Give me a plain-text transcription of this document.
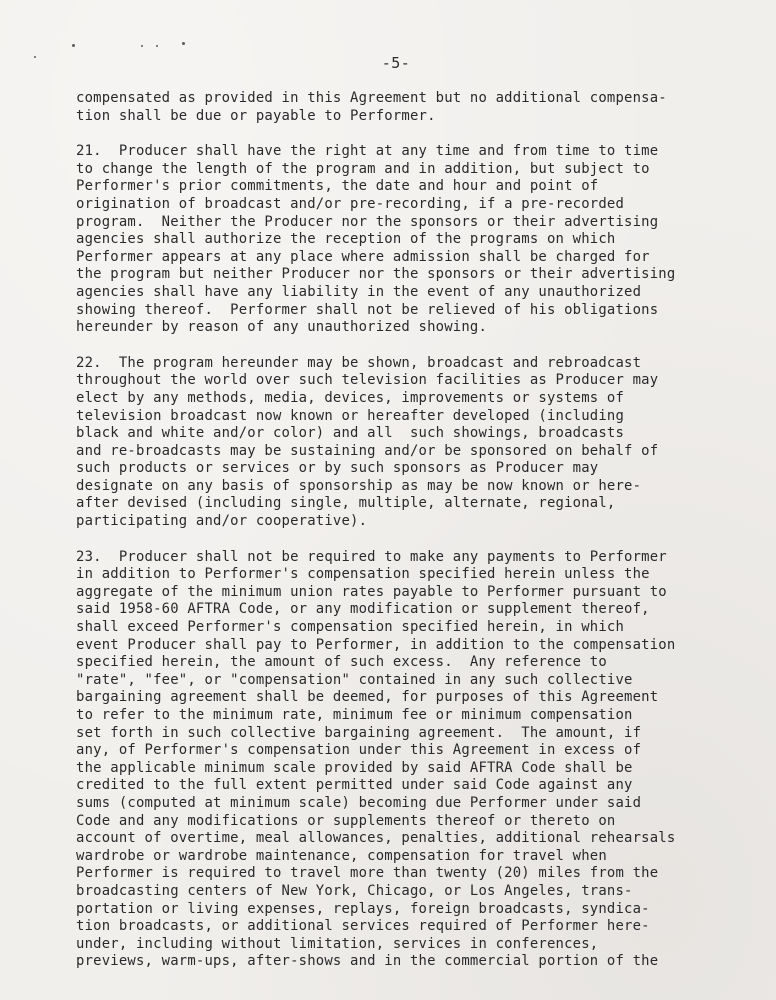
-5-
compensated as provided in this Agreement but no additional compensa-
tion shall be due or payable to Performer.
21.  Producer shall have the right at any time and from time to time
to change the length of the program and in addition, but subject to
Performer's prior commitments, the date and hour and point of
origination of broadcast and/or pre-recording, if a pre-recorded
program.  Neither the Producer nor the sponsors or their advertising
agencies shall authorize the reception of the programs on which
Performer appears at any place where admission shall be charged for
the program but neither Producer nor the sponsors or their advertising
agencies shall have any liability in the event of any unauthorized
showing thereof.  Performer shall not be relieved of his obligations
hereunder by reason of any unauthorized showing.
22.  The program hereunder may be shown, broadcast and rebroadcast
throughout the world over such television facilities as Producer may
elect by any methods, media, devices, improvements or systems of
television broadcast now known or hereafter developed (including
black and white and/or color) and all  such showings, broadcasts
and re-broadcasts may be sustaining and/or be sponsored on behalf of
such products or services or by such sponsors as Producer may
designate on any basis of sponsorship as may be now known or here-
after devised (including single, multiple, alternate, regional,
participating and/or cooperative).
23.  Producer shall not be required to make any payments to Performer
in addition to Performer's compensation specified herein unless the
aggregate of the minimum union rates payable to Performer pursuant to
said 1958-60 AFTRA Code, or any modification or supplement thereof,
shall exceed Performer's compensation specified herein, in which
event Producer shall pay to Performer, in addition to the compensation
specified herein, the amount of such excess.  Any reference to
"rate", "fee", or "compensation" contained in any such collective
bargaining agreement shall be deemed, for purposes of this Agreement
to refer to the minimum rate, minimum fee or minimum compensation
set forth in such collective bargaining agreement.  The amount, if
any, of Performer's compensation under this Agreement in excess of
the applicable minimum scale provided by said AFTRA Code shall be
credited to the full extent permitted under said Code against any
sums (computed at minimum scale) becoming due Performer under said
Code and any modifications or supplements thereof or thereto on
account of overtime, meal allowances, penalties, additional rehearsals
wardrobe or wardrobe maintenance, compensation for travel when
Performer is required to travel more than twenty (20) miles from the
broadcasting centers of New York, Chicago, or Los Angeles, trans-
portation or living expenses, replays, foreign broadcasts, syndica-
tion broadcasts, or additional services required of Performer here-
under, including without limitation, services in conferences,
previews, warm-ups, after-shows and in the commercial portion of the
